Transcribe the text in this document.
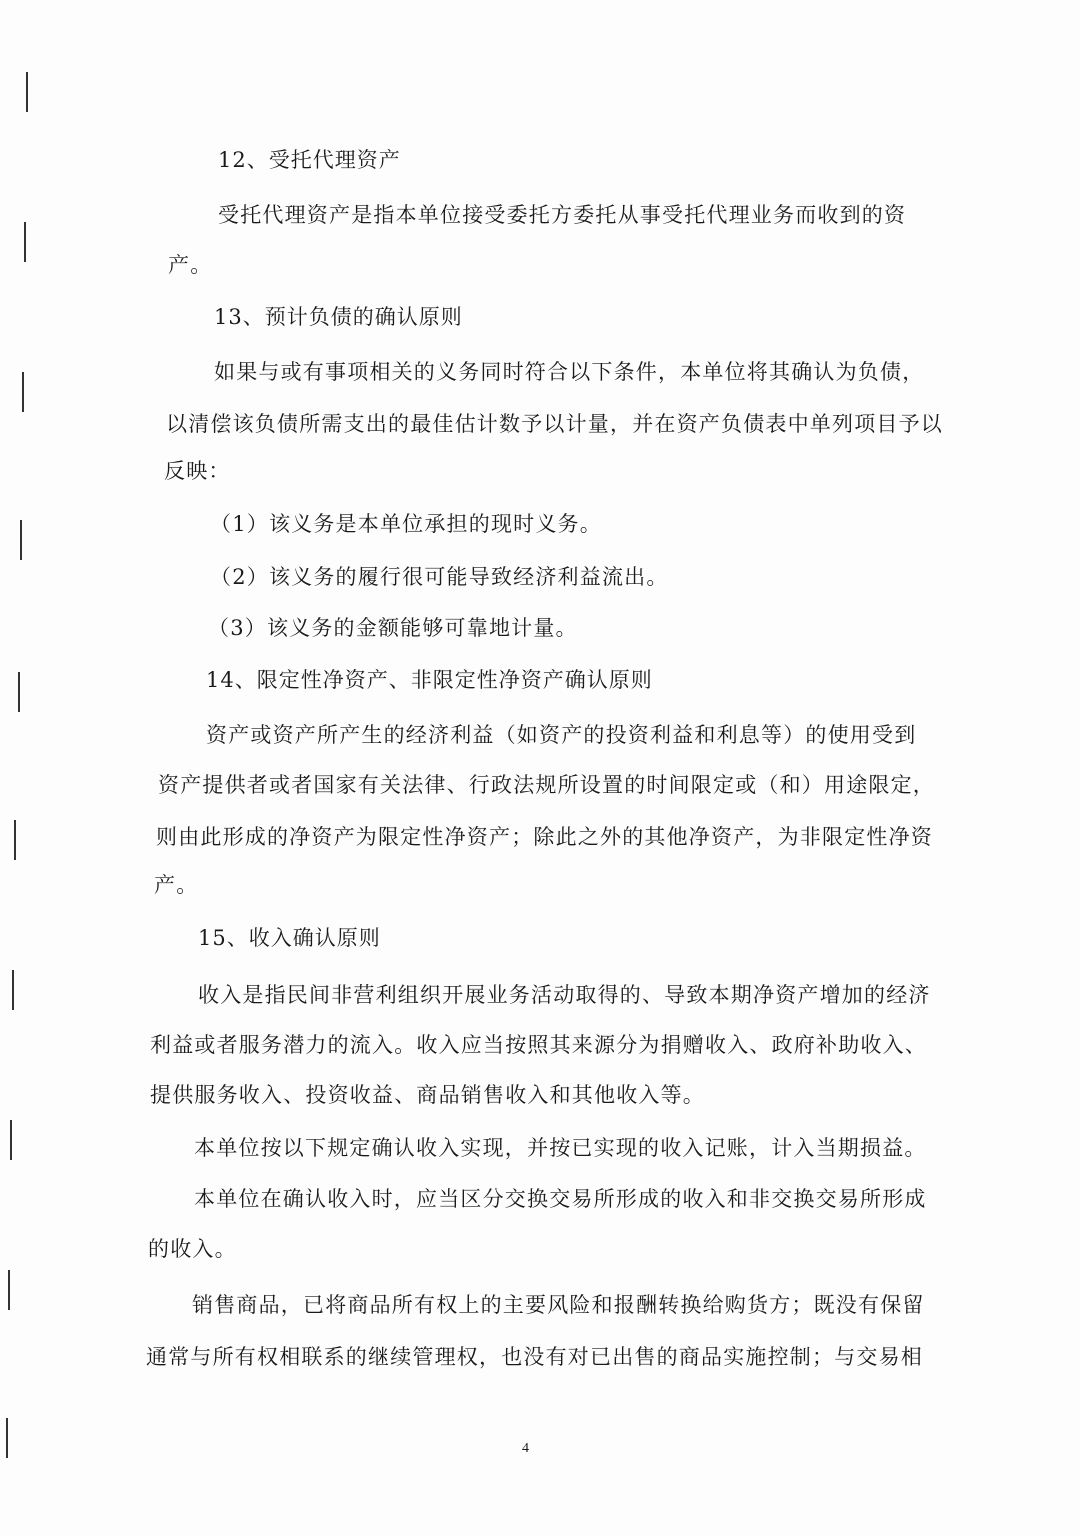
12、受托代理资产
受托代理资产是指本单位接受委托方委托从事受托代理业务而收到的资
产。
13、预计负债的确认原则
如果与或有事项相关的义务同时符合以下条件，本单位将其确认为负债，
以清偿该负债所需支出的最佳估计数予以计量，并在资产负债表中单列项目予以
反映：
（1）该义务是本单位承担的现时义务。
（2）该义务的履行很可能导致经济利益流出。
（3）该义务的金额能够可靠地计量。
14、限定性净资产、非限定性净资产确认原则
资产或资产所产生的经济利益（如资产的投资利益和利息等）的使用受到
资产提供者或者国家有关法律、行政法规所设置的时间限定或（和）用途限定，
则由此形成的净资产为限定性净资产；除此之外的其他净资产，为非限定性净资
产。
15、收入确认原则
收入是指民间非营利组织开展业务活动取得的、导致本期净资产增加的经济
利益或者服务潜力的流入。收入应当按照其来源分为捐赠收入、政府补助收入、
提供服务收入、投资收益、商品销售收入和其他收入等。
本单位按以下规定确认收入实现，并按已实现的收入记账，计入当期损益。
本单位在确认收入时，应当区分交换交易所形成的收入和非交换交易所形成
的收入。
销售商品，已将商品所有权上的主要风险和报酬转换给购货方；既没有保留
通常与所有权相联系的继续管理权，也没有对已出售的商品实施控制；与交易相
4
